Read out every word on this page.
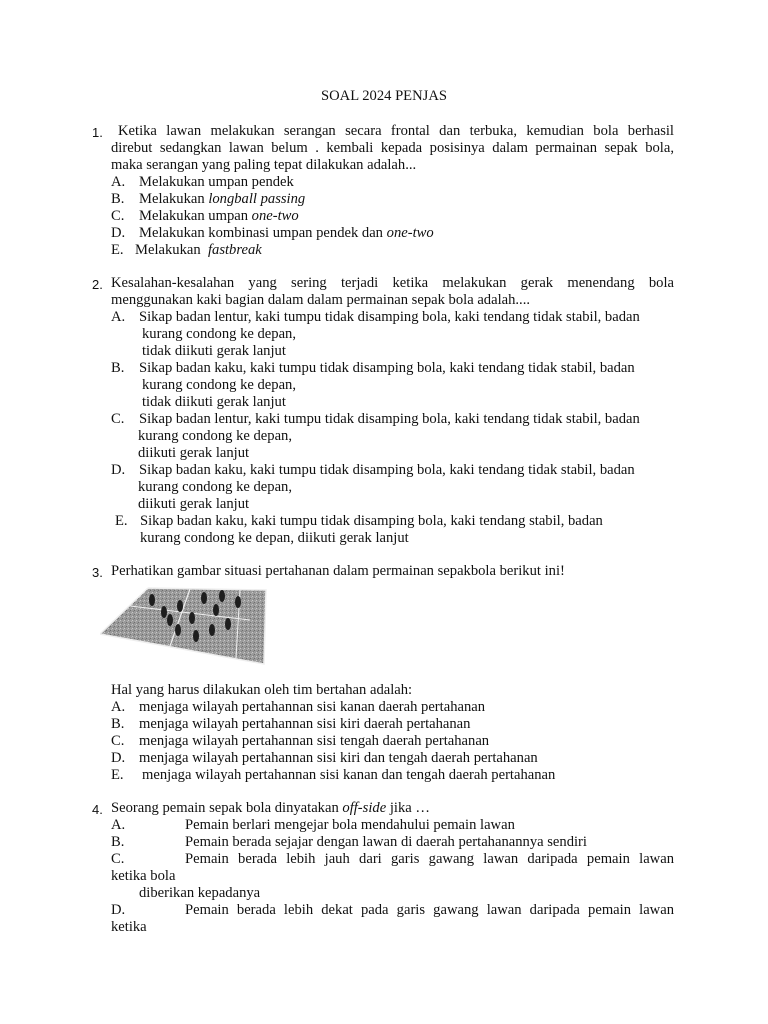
SOAL 2024 PENJAS
1. Ketika lawan melakukan serangan secara frontal dan terbuka, kemudian bola berhasil
direbut sedangkan lawan belum . kembali kepada posisinya dalam permainan sepak bola,
maka serangan yang paling tepat dilakukan adalah...
A. Melakukan umpan pendek
B. Melakukan longball passing
C. Melakukan umpan one-two
D. Melakukan kombinasi umpan pendek dan one-two
E. Melakukan  fastbreak
2. Kesalahan-kesalahan yang sering terjadi ketika melakukan gerak menendang bola
menggunakan kaki bagian dalam dalam permainan sepak bola adalah....
A. Sikap badan lentur, kaki tumpu tidak disamping bola, kaki tendang tidak stabil, badan
kurang condong ke depan,
tidak diikuti gerak lanjut
B. Sikap badan kaku, kaki tumpu tidak disamping bola, kaki tendang tidak stabil, badan
kurang condong ke depan,
tidak diikuti gerak lanjut
C. Sikap badan lentur, kaki tumpu tidak disamping bola, kaki tendang tidak stabil, badan
kurang condong ke depan,
diikuti gerak lanjut
D. Sikap badan kaku, kaki tumpu tidak disamping bola, kaki tendang tidak stabil, badan
kurang condong ke depan,
diikuti gerak lanjut
E. Sikap badan kaku, kaki tumpu tidak disamping bola, kaki tendang stabil, badan
kurang condong ke depan, diikuti gerak lanjut
3. Perhatikan gambar situasi pertahanan dalam permainan sepakbola berikut ini!
Hal yang harus dilakukan oleh tim bertahan adalah:
A. menjaga wilayah pertahannan sisi kanan daerah pertahanan
B. menjaga wilayah pertahannan sisi kiri daerah pertahanan
C. menjaga wilayah pertahannan sisi tengah daerah pertahanan
D. menjaga wilayah pertahannan sisi kiri dan tengah daerah pertahanan
E. menjaga wilayah pertahannan sisi kanan dan tengah daerah pertahanan
4. Seorang pemain sepak bola dinyatakan off-side jika …
A.	Pemain berlari mengejar bola mendahului pemain lawan
B.	Pemain berada sejajar dengan lawan di daerah pertahanannya sendiri
C.	Pemain berada lebih jauh dari garis gawang lawan daripada pemain lawan
ketika bola
diberikan kepadanya
D.	Pemain berada lebih dekat pada garis gawang lawan daripada pemain lawan
ketika
